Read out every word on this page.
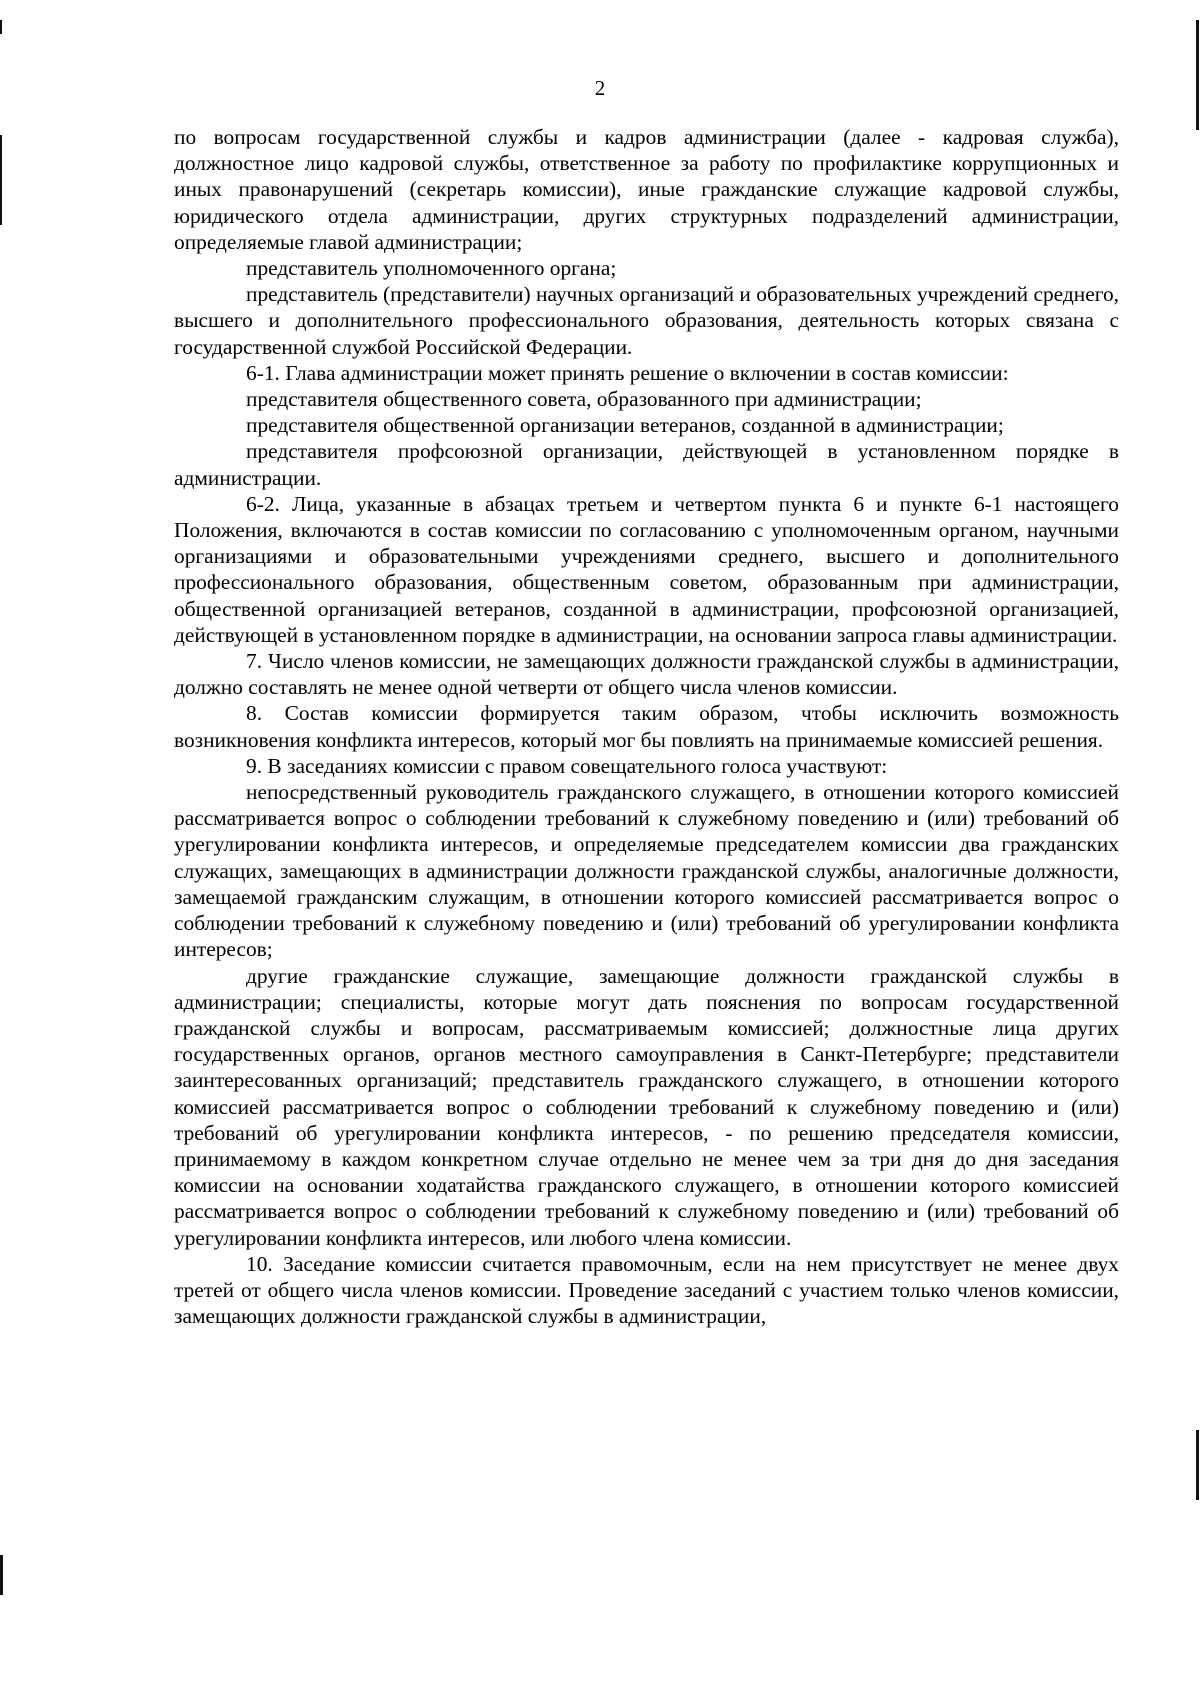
2

по вопросам государственной службы и кадров администрации (далее - кадровая служба), должностное лицо кадровой службы, ответственное за работу по профилактике коррупционных и иных правонарушений (секретарь комиссии), иные гражданские служащие кадровой службы, юридического отдела администрации, других структурных подразделений администрации, определяемые главой администрации;

представитель уполномоченного органа;

представитель (представители) научных организаций и образовательных учреждений среднего, высшего и дополнительного профессионального образования, деятельность которых связана с государственной службой Российской Федерации.

6-1. Глава администрации может принять решение о включении в состав комиссии:

представителя общественного совета, образованного при администрации;

представителя общественной организации ветеранов, созданной в администрации;

представителя профсоюзной организации, действующей в установленном порядке в администрации.

6-2. Лица, указанные в абзацах третьем и четвертом пункта 6 и пункте 6-1 настоящего Положения, включаются в состав комиссии по согласованию с уполномоченным органом, научными организациями и образовательными учреждениями среднего, высшего и дополнительного профессионального образования, общественным советом, образованным при администрации, общественной организацией ветеранов, созданной в администрации, профсоюзной организацией, действующей в установленном порядке в администрации, на основании запроса главы администрации.

7. Число членов комиссии, не замещающих должности гражданской службы в администрации, должно составлять не менее одной четверти от общего числа членов комиссии.

8. Состав комиссии формируется таким образом, чтобы исключить возможность возникновения конфликта интересов, который мог бы повлиять на принимаемые комиссией решения.

9. В заседаниях комиссии с правом совещательного голоса участвуют:

непосредственный руководитель гражданского служащего, в отношении которого комиссией рассматривается вопрос о соблюдении требований к служебному поведению и (или) требований об урегулировании конфликта интересов, и определяемые председателем комиссии два гражданских служащих, замещающих в администрации должности гражданской службы, аналогичные должности, замещаемой гражданским служащим, в отношении которого комиссией рассматривается вопрос о соблюдении требований к служебному поведению и (или) требований об урегулировании конфликта интересов;

другие гражданские служащие, замещающие должности гражданской службы в администрации; специалисты, которые могут дать пояснения по вопросам государственной гражданской службы и вопросам, рассматриваемым комиссией; должностные лица других государственных органов, органов местного самоуправления в Санкт-Петербурге; представители заинтересованных организаций; представитель гражданского служащего, в отношении которого комиссией рассматривается вопрос о соблюдении требований к служебному поведению и (или) требований об урегулировании конфликта интересов, - по решению председателя комиссии, принимаемому в каждом конкретном случае отдельно не менее чем за три дня до дня заседания комиссии на основании ходатайства гражданского служащего, в отношении которого комиссией рассматривается вопрос о соблюдении требований к служебному поведению и (или) требований об урегулировании конфликта интересов, или любого члена комиссии.

10. Заседание комиссии считается правомочным, если на нем присутствует не менее двух третей от общего числа членов комиссии. Проведение заседаний с участием только членов комиссии, замещающих должности гражданской службы в администрации,
